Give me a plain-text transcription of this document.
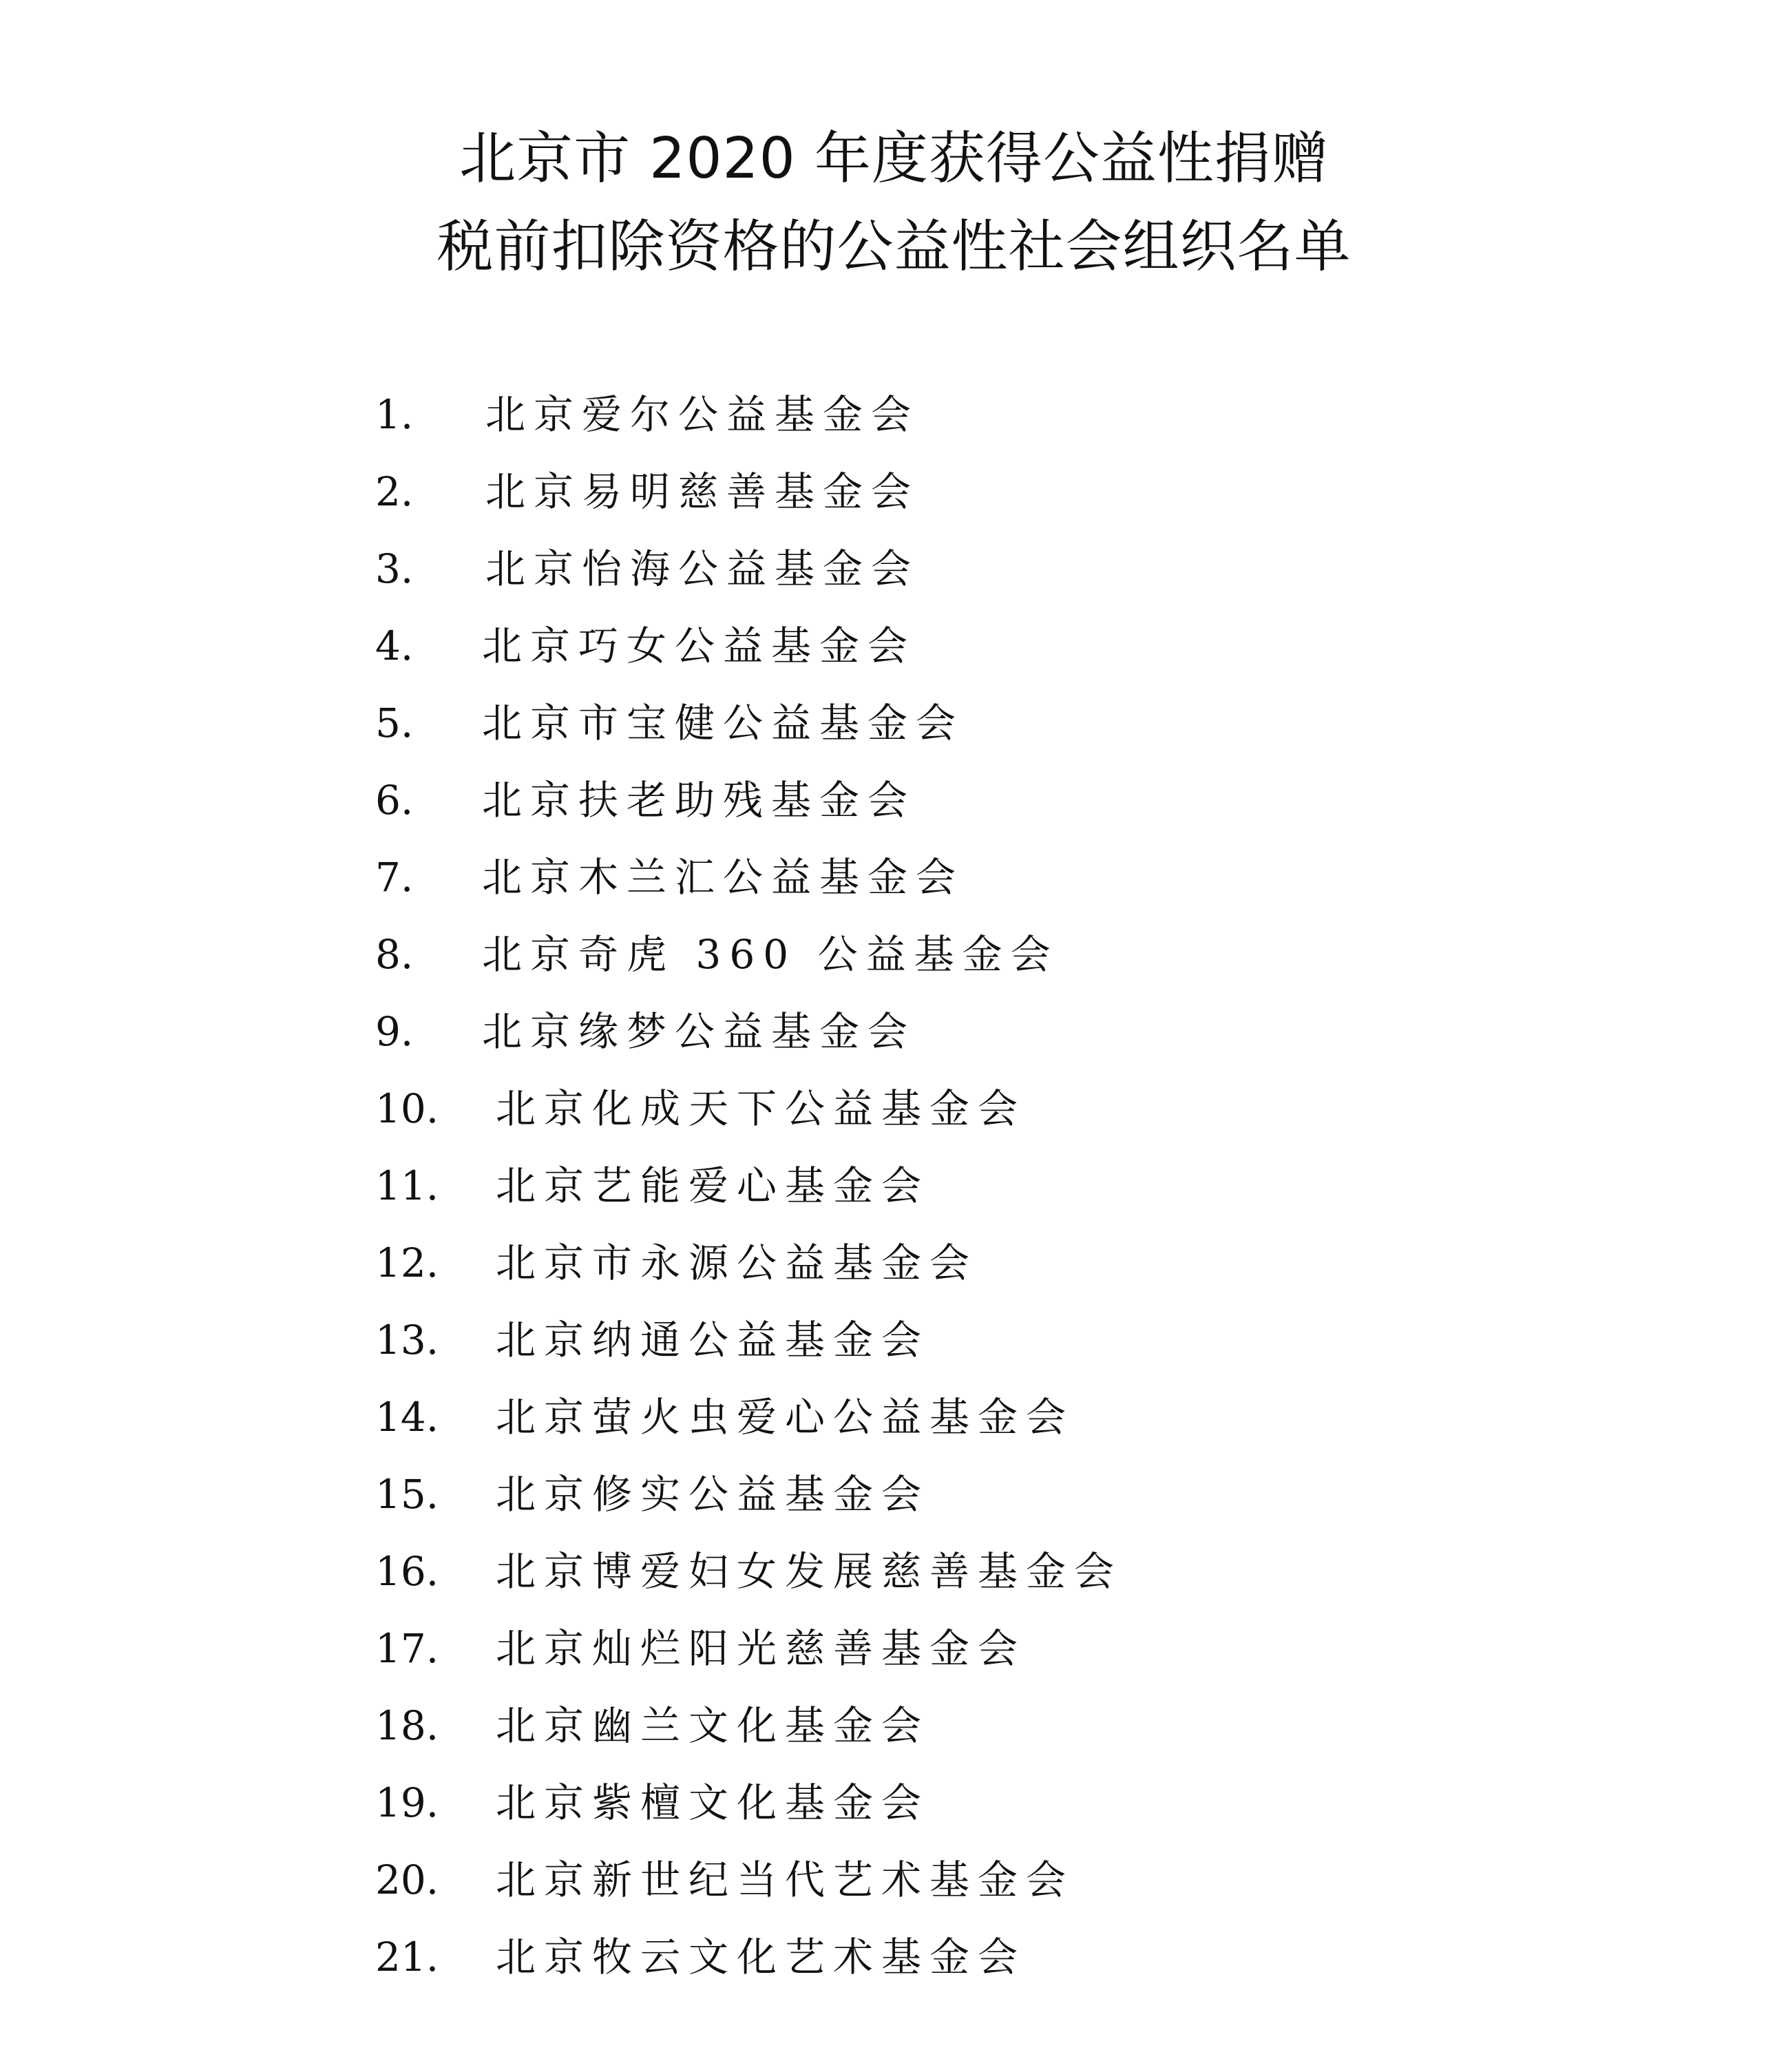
北京市 2020 年度获得公益性捐赠
税前扣除资格的公益性社会组织名单
1. 北京爱尔公益基金会
2. 北京易明慈善基金会
3. 北京怡海公益基金会
4. 北京巧女公益基金会
5. 北京市宝健公益基金会
6. 北京扶老助残基金会
7. 北京木兰汇公益基金会
8. 北京奇虎 360 公益基金会
9. 北京缘梦公益基金会
10. 北京化成天下公益基金会
11. 北京艺能爱心基金会
12. 北京市永源公益基金会
13. 北京纳通公益基金会
14. 北京萤火虫爱心公益基金会
15. 北京修实公益基金会
16. 北京博爱妇女发展慈善基金会
17. 北京灿烂阳光慈善基金会
18. 北京幽兰文化基金会
19. 北京紫檀文化基金会
20. 北京新世纪当代艺术基金会
21. 北京牧云文化艺术基金会
